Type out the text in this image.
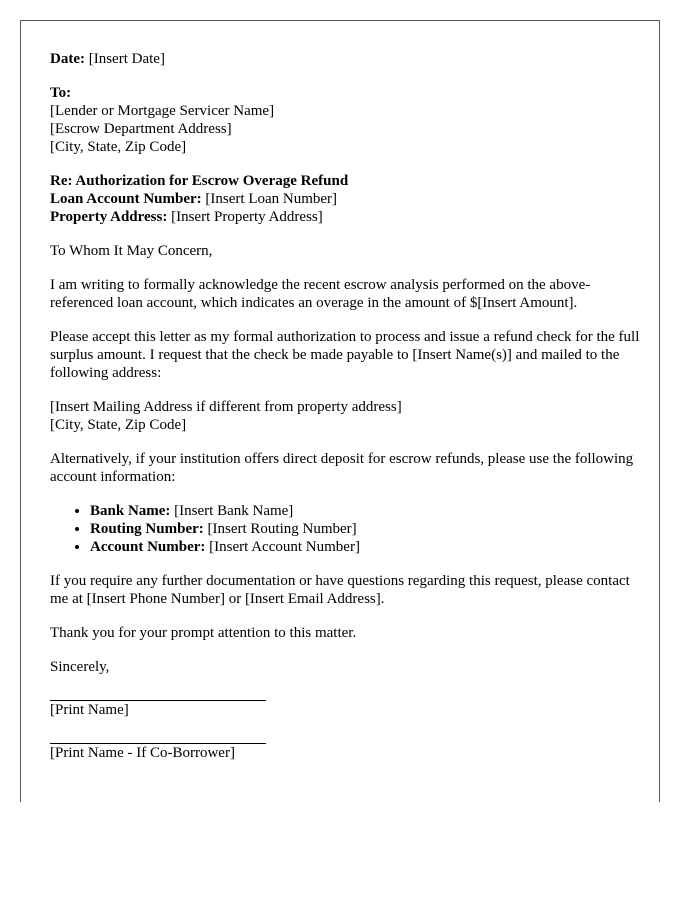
Date: [Insert Date]

To:
[Lender or Mortgage Servicer Name]
[Escrow Department Address]
[City, State, Zip Code]

Re: Authorization for Escrow Overage Refund
Loan Account Number: [Insert Loan Number]
Property Address: [Insert Property Address]

To Whom It May Concern,

I am writing to formally acknowledge the recent escrow analysis performed on the above-referenced loan account, which indicates an overage in the amount of $[Insert Amount].

Please accept this letter as my formal authorization to process and issue a refund check for the full surplus amount. I request that the check be made payable to [Insert Name(s)] and mailed to the following address:

[Insert Mailing Address if different from property address]
[City, State, Zip Code]

Alternatively, if your institution offers direct deposit for escrow refunds, please use the following account information:

• Bank Name: [Insert Bank Name]
• Routing Number: [Insert Routing Number]
• Account Number: [Insert Account Number]

If you require any further documentation or have questions regarding this request, please contact me at [Insert Phone Number] or [Insert Email Address].

Thank you for your prompt attention to this matter.

Sincerely,

[Print Name]
[Print Name - If Co-Borrower]
